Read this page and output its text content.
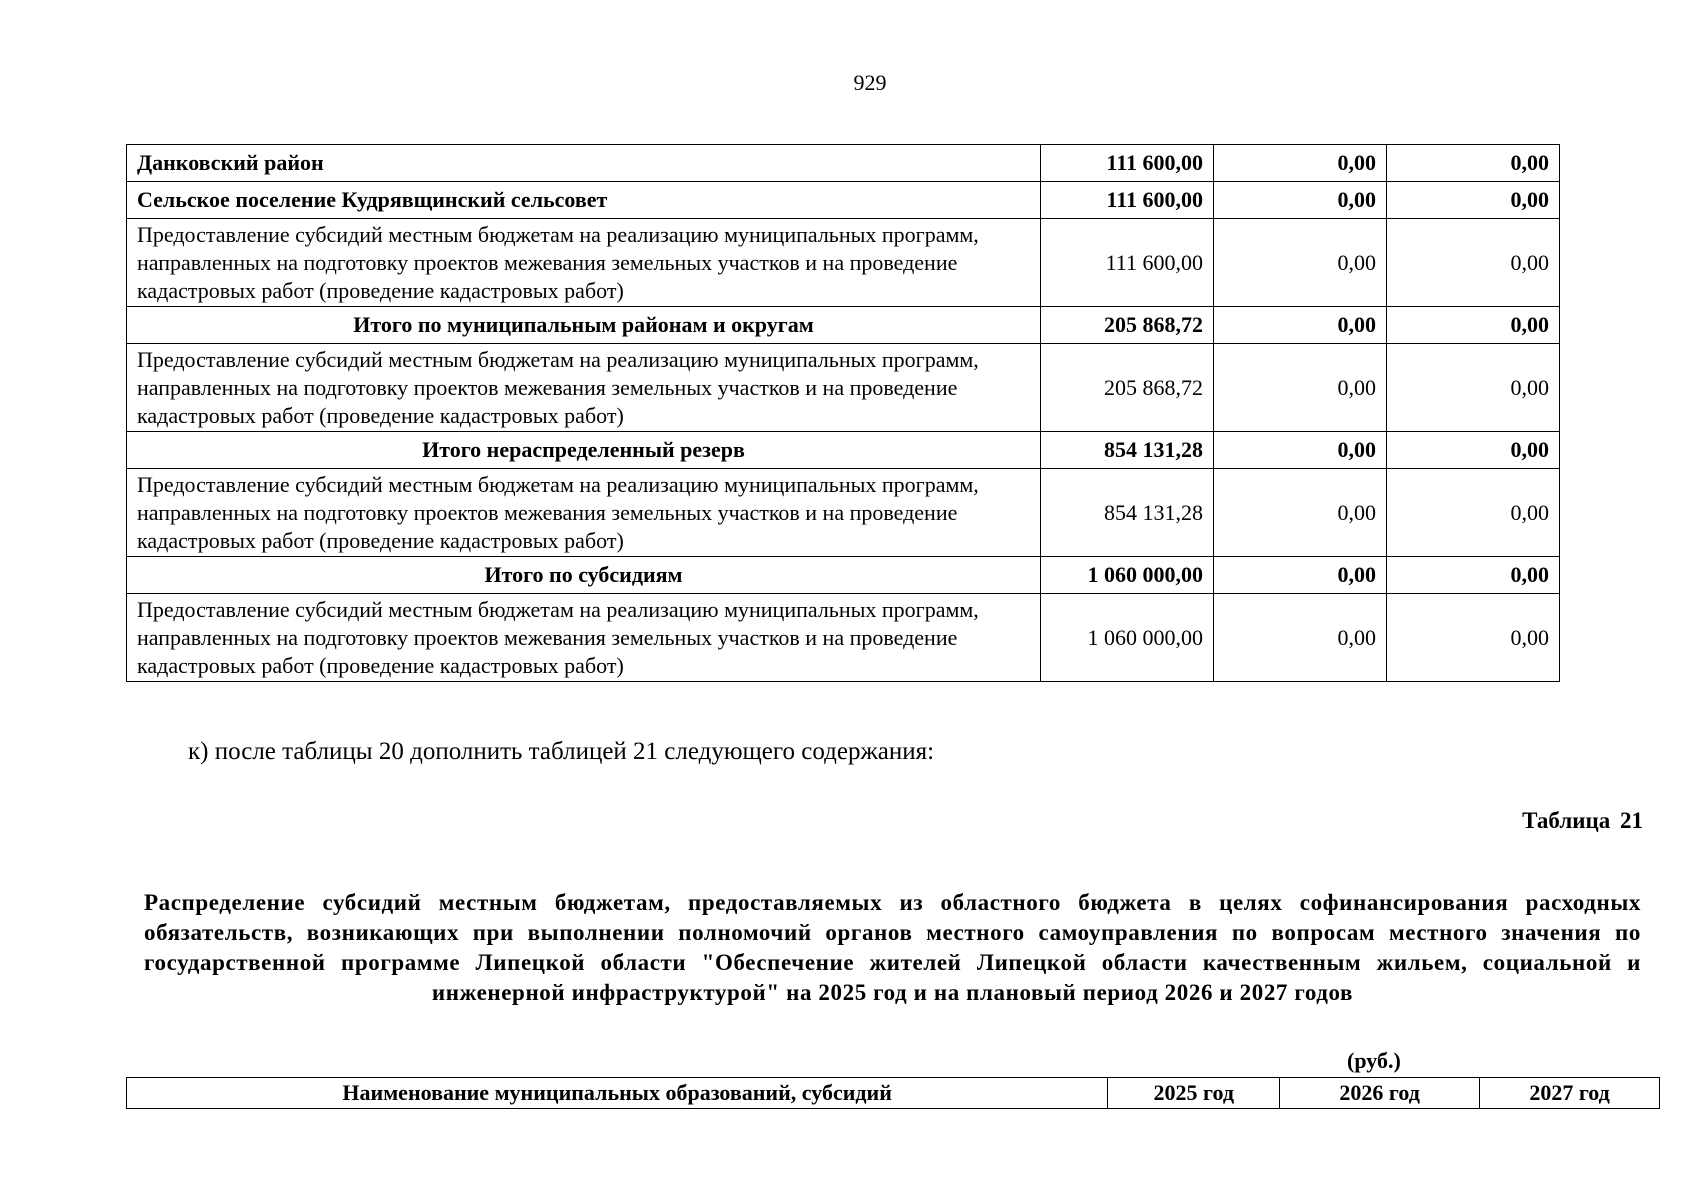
929
Данковский район	111 600,00	0,00	0,00
Сельское поселение Кудрявщинский сельсовет	111 600,00	0,00	0,00
Предоставление субсидий местным бюджетам на реализацию муниципальных программ, направленных на подготовку проектов межевания земельных участков и на проведение кадастровых работ (проведение кадастровых работ)	111 600,00	0,00	0,00
Итого по муниципальным районам и округам	205 868,72	0,00	0,00
Предоставление субсидий местным бюджетам на реализацию муниципальных программ, направленных на подготовку проектов межевания земельных участков и на проведение кадастровых работ (проведение кадастровых работ)	205 868,72	0,00	0,00
Итого нераспределенный резерв	854 131,28	0,00	0,00
Предоставление субсидий местным бюджетам на реализацию муниципальных программ, направленных на подготовку проектов межевания земельных участков и на проведение кадастровых работ (проведение кадастровых работ)	854 131,28	0,00	0,00
Итого по субсидиям	1 060 000,00	0,00	0,00
Предоставление субсидий местным бюджетам на реализацию муниципальных программ, направленных на подготовку проектов межевания земельных участков и на проведение кадастровых работ (проведение кадастровых работ)	1 060 000,00	0,00	0,00
к) после таблицы 20 дополнить таблицей 21 следующего содержания:
Таблица 21
Распределение субсидий местным бюджетам, предоставляемых из областного бюджета в целях софинансирования расходных обязательств, возникающих при выполнении полномочий органов местного самоуправления по вопросам местного значения по государственной программе Липецкой области "Обеспечение жителей Липецкой области качественным жильем, социальной и инженерной инфраструктурой" на 2025 год и на плановый период 2026 и 2027 годов
(руб.)
Наименование муниципальных образований, субсидий	2025 год	2026 год	2027 год
